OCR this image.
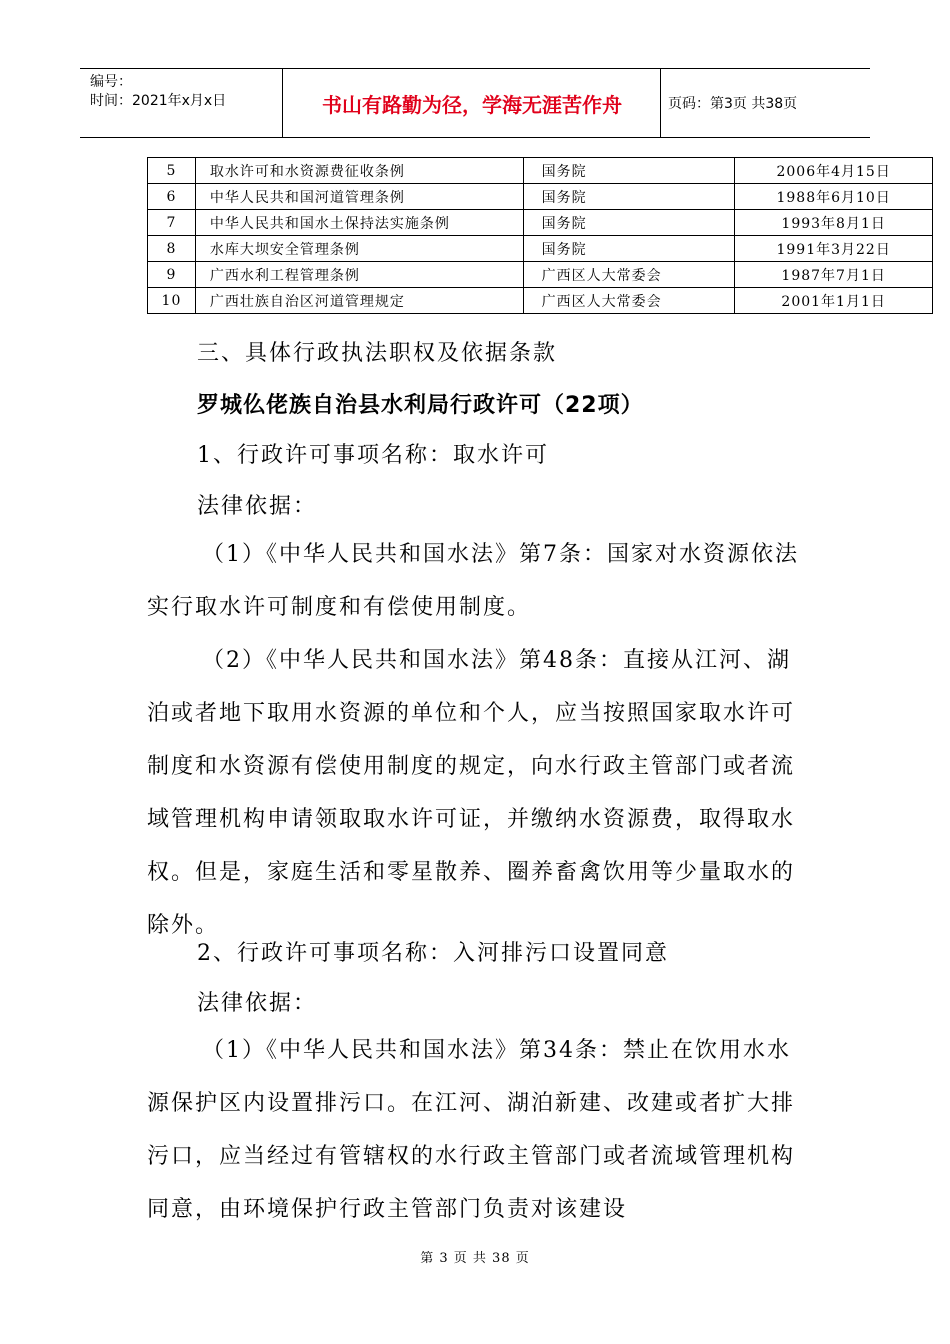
编号：
时间：2021年x月x日	书山有路勤为径，学海无涯苦作舟	页码：第3页 共38页
5	取水许可和水资源费征收条例	国务院	2006年4月15日
6	中华人民共和国河道管理条例	国务院	1988年6月10日
7	中华人民共和国水土保持法实施条例	国务院	1993年8月1日
8	水库大坝安全管理条例	国务院	1991年3月22日
9	广西水利工程管理条例	广西区人大常委会	1987年7月1日
10	广西壮族自治区河道管理规定	广西区人大常委会	2001年1月1日
三、具体行政执法职权及依据条款
罗城仫佬族自治县水利局行政许可（22项）
1、行政许可事项名称：取水许可
法律依据：

（1）《中华人民共和国水法》第7条：国家对水资源依法实行取水许可制度和有偿使用制度。

（2）《中华人民共和国水法》第48条：直接从江河、湖泊或者地下取用水资源的单位和个人，应当按照国家取水许可制度和水资源有偿使用制度的规定，向水行政主管部门或者流域管理机构申请领取取水许可证，并缴纳水资源费，取得取水权。但是，家庭生活和零星散养、圈养畜禽饮用等少量取水的除外。

2、行政许可事项名称：入河排污口设置同意
法律依据：

（1）《中华人民共和国水法》第34条：禁止在饮用水水源保护区内设置排污口。在江河、湖泊新建、改建或者扩大排污口，应当经过有管辖权的水行政主管部门或者流域管理机构同意，由环境保护行政主管部门负责对该建设

第 3 页 共 38 页
